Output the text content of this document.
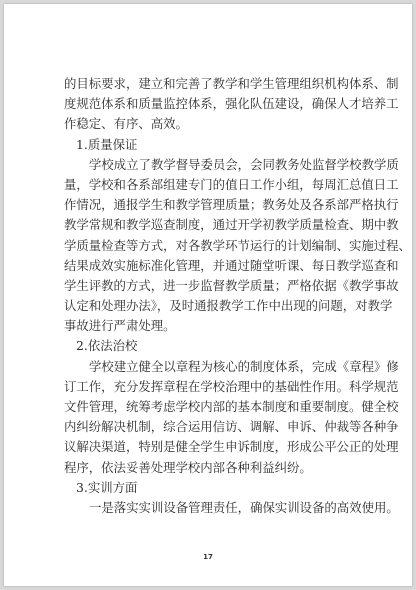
的目标要求，建立和完善了教学和学生管理组织机构体系、制
度规范体系和质量监控体系，强化队伍建设，确保人才培养工
作稳定、有序、高效。
1.质量保证
学校成立了教学督导委员会，会同教务处监督学校教学质
量，学校和各系部组建专门的值日工作小组，每周汇总值日工
作情况，通报学生和教学管理质量；教务处及各系部严格执行
教学常规和教学巡查制度，通过开学初教学质量检查、期中教
学质量检查等方式，对各教学环节运行的计划编制、实施过程、
结果成效实施标准化管理，并通过随堂听课、每日教学巡查和
学生评教的方式，进一步监督教学质量；严格依据《教学事故
认定和处理办法》，及时通报教学工作中出现的问题，对教学
事故进行严肃处理。
2.依法治校
学校建立健全以章程为核心的制度体系，完成《章程》修
订工作，充分发挥章程在学校治理中的基础性作用。科学规范
文件管理，统筹考虑学校内部的基本制度和重要制度。健全校
内纠纷解决机制，综合运用信访、调解、申诉、仲裁等各种争
议解决渠道，特别是健全学生申诉制度，形成公平公正的处理
程序，依法妥善处理学校内部各种利益纠纷。
3.实训方面
一是落实实训设备管理责任，确保实训设备的高效使用。
17
